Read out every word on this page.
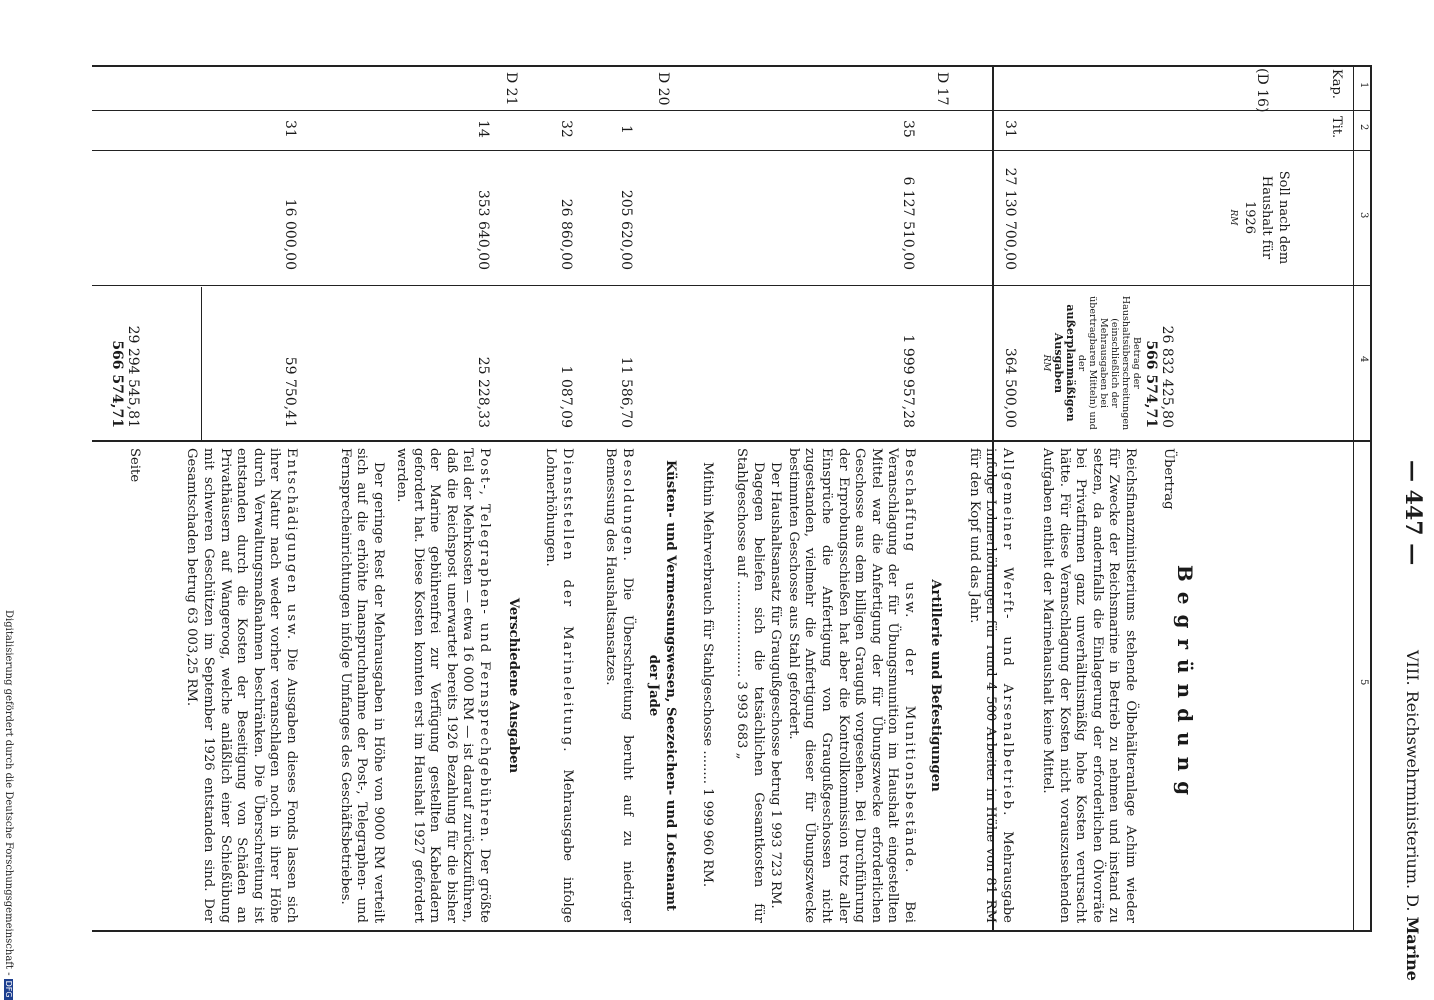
— 447 —
VIII. Reichswehrministerium. D. Marine
1
2
3
4
5
Kap.
Tit.
Soll nach dem Haushalt für 1926
RM
Betrag der Haushaltsüberschreitungen (einschließlich der Mehrausgaben bei übertragbaren Mitteln) und der
außerplanmäßigen Ausgaben
RM
Begründung
(D 16)
D 17
D 20
D 21
31
35
1
32
14
31
27 130 700,00
6 127 510,00
205 620,00
26 860,00
353 640,00
16 000,00
26 832 425,80
566 574,71
364 500,00
1 999 957,28
11 586,70
1 087,09
25 228,33
59 750,41
29 294 545,81
566 574,71
Übertrag
Reichsfinanzministeriums stehende Ölbehälteranlage Achim wieder für Zwecke der Reichsmarine in Betrieb zu nehmen und instand zu setzen, da andernfalls die Einlagerung der erforderlichen Ölvorräte bei Privatfirmen ganz unverhältnismäßig hohe Kosten verursacht hätte. Für diese Veranschlagung der Kosten nicht vorauszusehenden Aufgaben enthielt der Marinehaushalt keine Mittel.
Allgemeiner Werft- und Arsenalbetrieb. Mehrausgabe infolge Lohnerhöhungen für rund 4 500 Arbeiter in Höhe von 81 RM für den Kopf und das Jahr.
Artillerie und Befestigungen
Beschaffung usw. der Munitionsbestände. Bei Veranschlagung der für Übungsmunition im Haushalt eingestellten Mittel war die Anfertigung der für Übungszwecke erforderlichen Geschosse aus dem billigen Grauguß vorgesehen. Bei Durchführung der Erprobungsschießen hat aber die Kontrollkommission trotz aller Einsprüche die Anfertigung von Graugußgeschossen nicht zugestanden, vielmehr die Anfertigung dieser für Übungszwecke bestimmten Geschosse aus Stahl gefordert.
Der Haushaltsansatz für Graugußgeschosse betrug 1 993 723 RM.
Dagegen beliefen sich die tatsächlichen Gesamtkosten für Stahlgeschosse auf ....................... 3 993 683 „
Mithin Mehrverbrauch für Stahlgeschosse ........ 1 999 960 RM.
Küsten- und Vermessungswesen, Seezeichen- und Lotsenamt der Jade
Besoldungen. Die Überschreitung beruht auf zu niedriger Bemessung des Haushaltsansatzes.
Dienststellen der Marineleitung. Mehrausgabe infolge Lohnerhöhungen.
Verschiedene Ausgaben
Post-, Telegraphen- und Fernsprechgebühren. Der größte Teil der Mehrkosten — etwa 16 000 RM — ist darauf zurückzuführen, daß die Reichspost unerwartet bereits 1926 Bezahlung für die bisher der Marine gebührenfrei zur Verfügung gestellten Kabeladern gefordert hat. Diese Kosten konnten erst im Haushalt 1927 gefordert werden.
Der geringe Rest der Mehrausgaben in Höhe von 9000 RM verteilt sich auf die erhöhte Inanspruchnahme der Post-, Telegraphen- und Fernsprecheinrichtungen infolge Umfanges des Geschäftsbetriebes.
Entschädigungen usw. Die Ausgaben dieses Fonds lassen sich ihrer Natur nach weder vorher veranschlagen noch in ihrer Höhe durch Verwaltungsmaßnahmen beschränken. Die Überschreitung ist entstanden durch die Kosten der Beseitigung von Schäden an Privathäusern auf Wangeroog, welche anläßlich einer Schießübung mit schweren Geschützen im September 1926 entstanden sind. Der Gesamtschaden betrug 63 003,25 RM.
Seite
Digitalisierung gefördert durch die Deutsche Forschungsgemeinschaft -DFG
